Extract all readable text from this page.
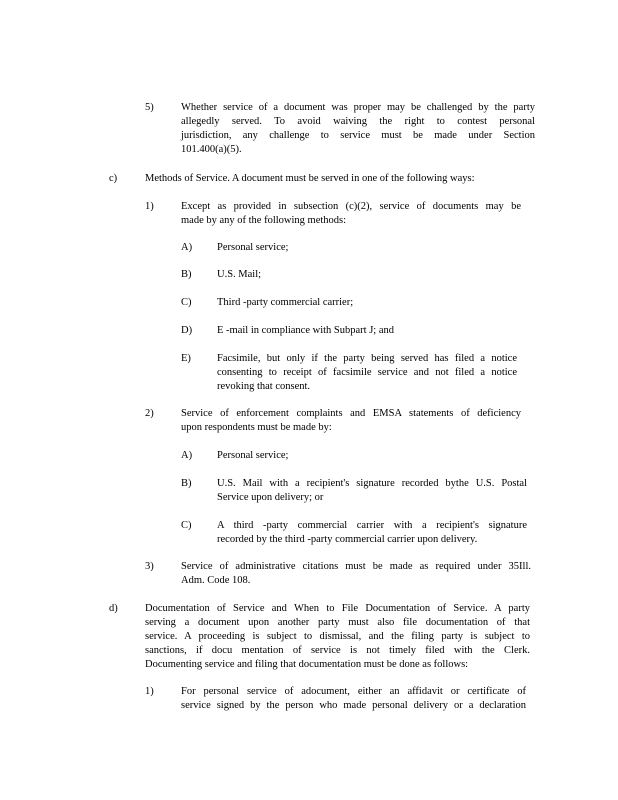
5)	Whether service of a document was proper may be challenged by the party
allegedly served. To avoid waiving the right to contest personal
jurisdiction, any challenge to service must be made under Section
101.400(a)(5).
c)	Methods of Service. A document must be served in one of the following ways:
1)	Except as provided in subsection (c)(2), service of documents may be
made by any of the following methods:
A) Personal service;
B) U.S. Mail;
C) Third -party commercial carrier;
D) E -mail in compliance with Subpart J; and
E) Facsimile, but only if the party being served has filed a notice
consenting to receipt of facsimile service and not filed a notice
revoking that consent.
2)	Service of enforcement complaints and EMSA statements of deficiency
upon respondents must be made by:
A) Personal service;
B) U.S. Mail with a recipient's signature recorded bythe U.S. Postal
Service upon delivery; or
C) A third -party commercial carrier with a recipient's signature
recorded by the third -party commercial carrier upon delivery.
3)	Service of administrative citations must be made as required under 35Ill.
Adm. Code 108.
d)	Documentation of Service and When to File Documentation of Service. A party
serving a document upon another party must also file documentation of that
service. A proceeding is subject to dismissal, and the filing party is subject to
sanctions, if docu mentation of service is not timely filed with the Clerk.
Documenting service and filing that documentation must be done as follows:
1)	For personal service of adocument, either an affidavit or certificate of
service signed by the person who made personal delivery or a declaration
